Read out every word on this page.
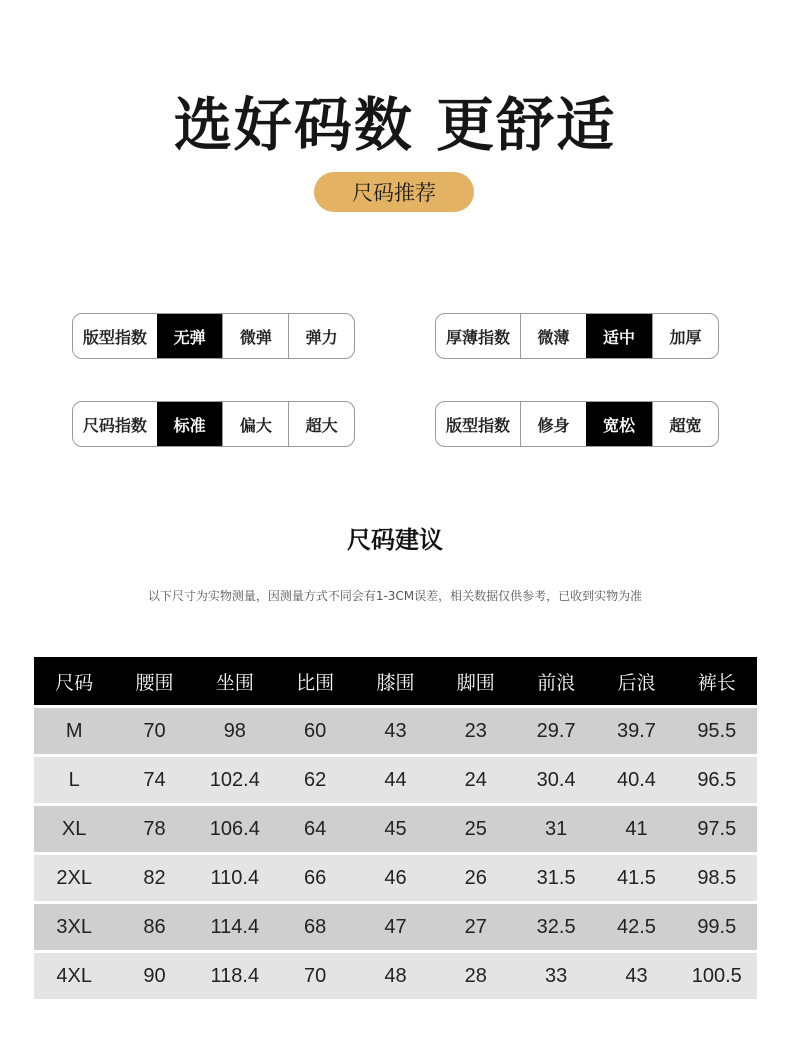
选好码数 更舒适
尺码推荐
版型指数	无弹	微弹	弹力	厚薄指数	微薄	适中	加厚
尺码指数	标准	偏大	超大	版型指数	修身	宽松	超宽
尺码建议
以下尺寸为实物测量，因测量方式不同会有1-3CM误差，相关数据仅供参考，已收到实物为准
尺码	腰围	坐围	比围	膝围	脚围	前浪	后浪	裤长
M	70	98	60	43	23	29.7	39.7	95.5
L	74	102.4	62	44	24	30.4	40.4	96.5
XL	78	106.4	64	45	25	31	41	97.5
2XL	82	110.4	66	46	26	31.5	41.5	98.5
3XL	86	114.4	68	47	27	32.5	42.5	99.5
4XL	90	118.4	70	48	28	33	43	100.5
